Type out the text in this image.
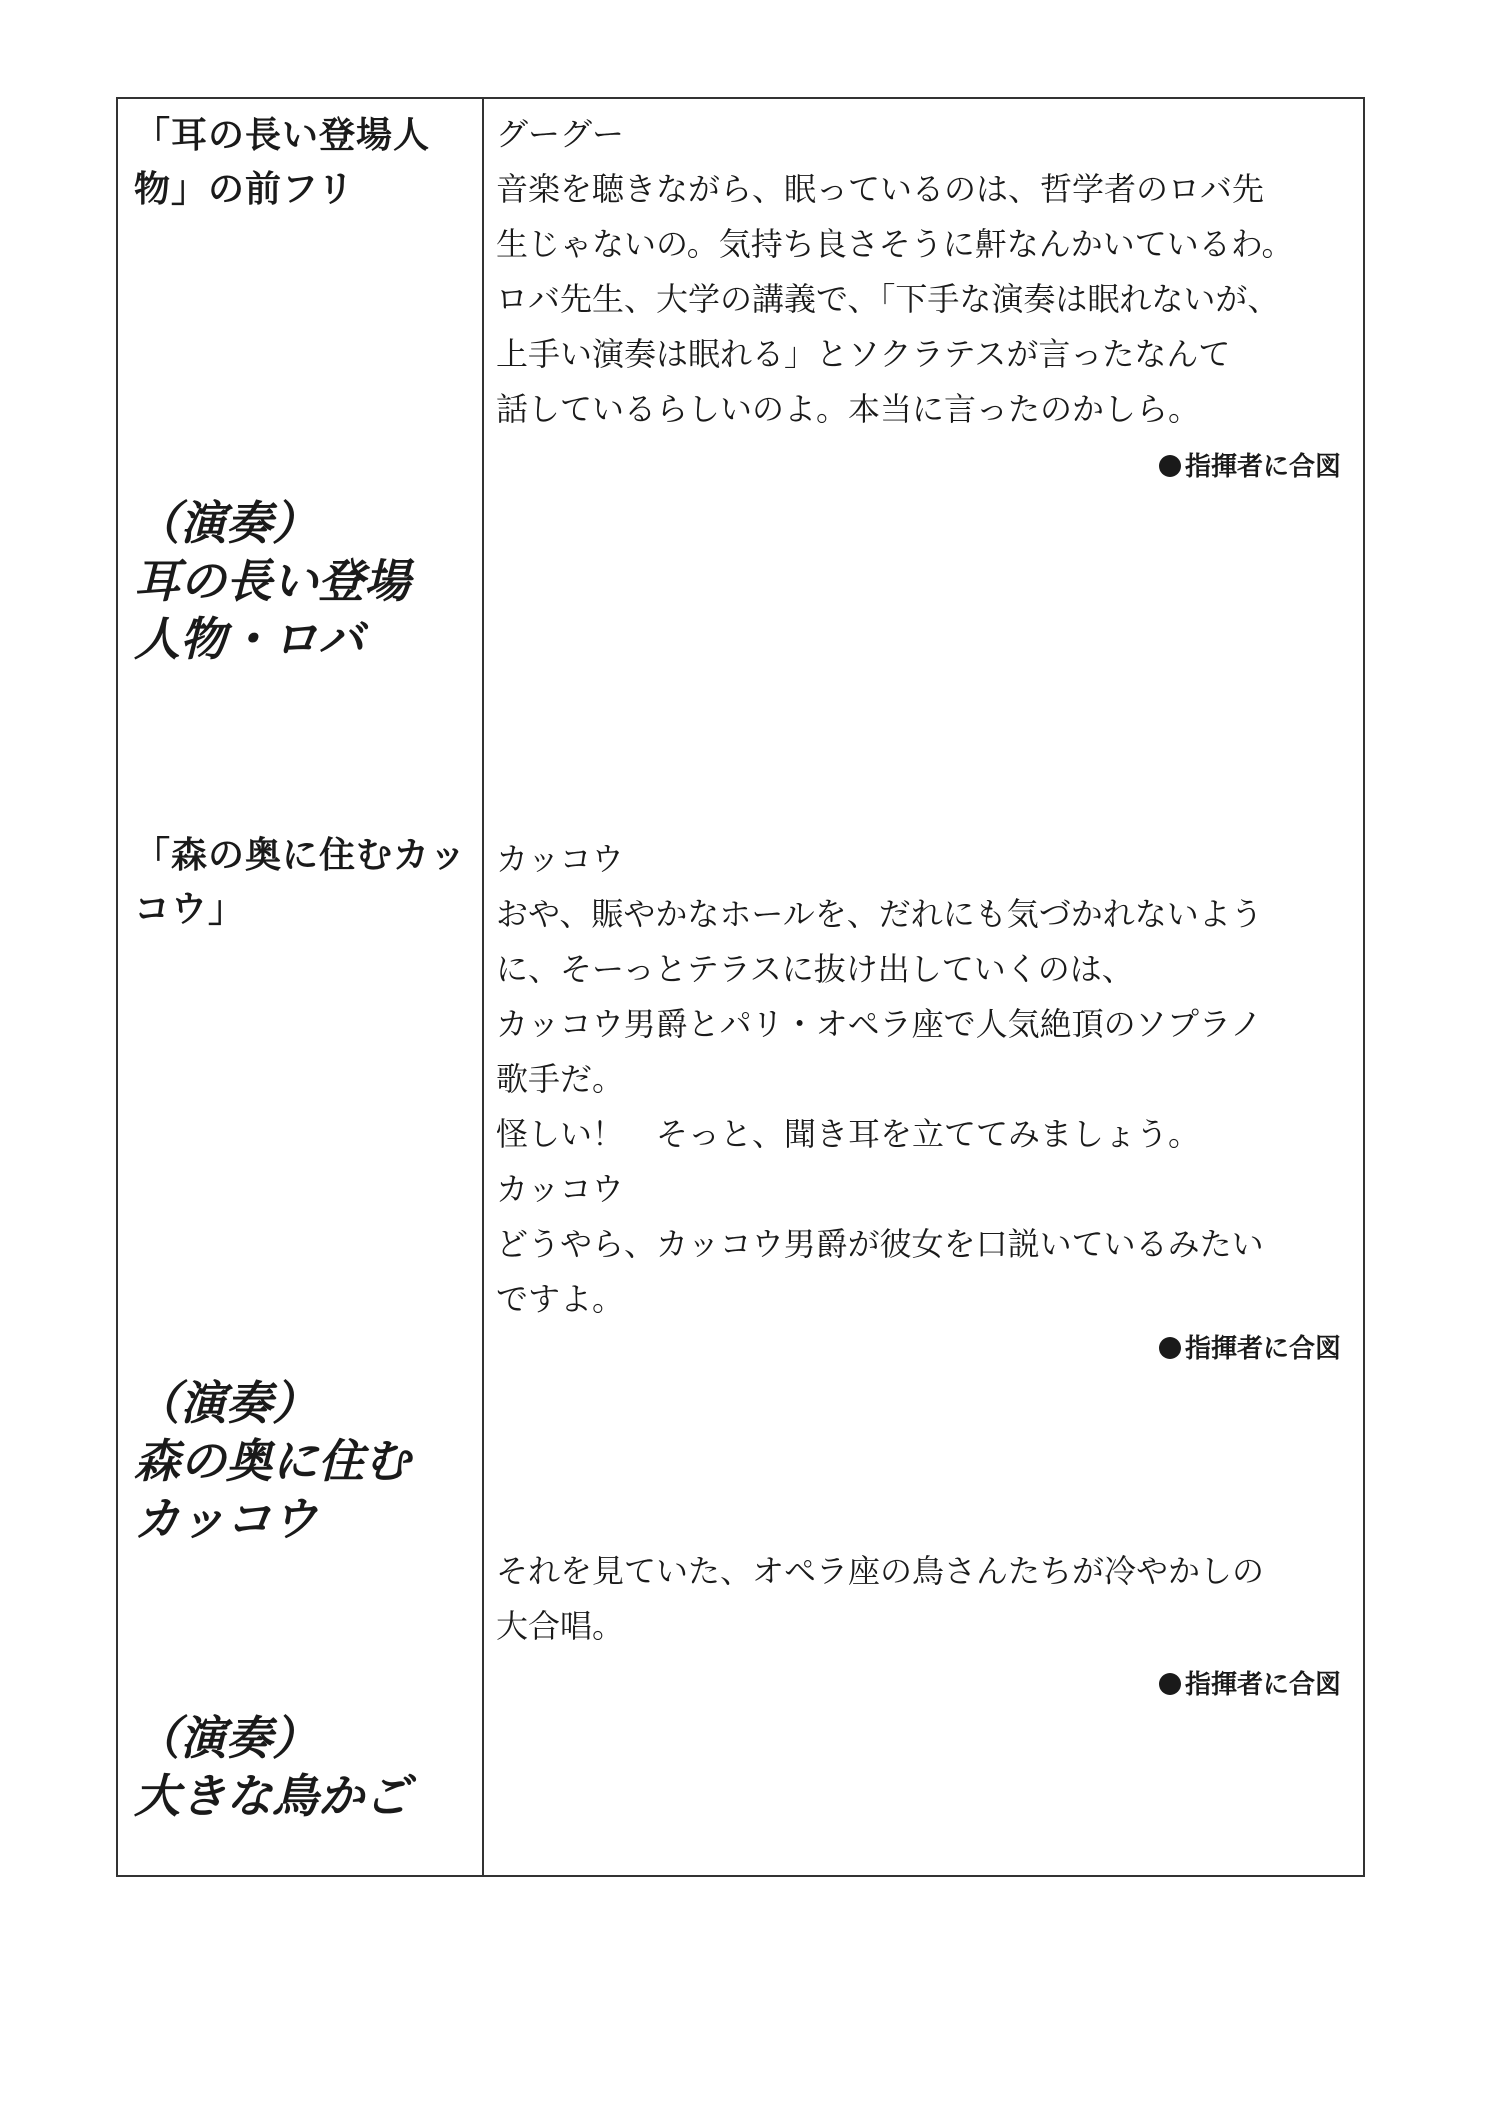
「耳の長い登場人
物」の前フリ
グーグー
音楽を聴きながら、眠っているのは、哲学者のロバ先
生じゃないの。気持ち良さそうに鼾なんかいているわ。
ロバ先生、大学の講義で、「下手な演奏は眠れないが、
上手い演奏は眠れる」とソクラテスが言ったなんて
話しているらしいのよ。本当に言ったのかしら。
指揮者に合図
（演奏）
耳の長い登場
人物・ロバ
「森の奥に住むカッ
コウ」
カッコウ
おや、賑やかなホールを、だれにも気づかれないよう
に、そーっとテラスに抜け出していくのは、
カッコウ男爵とパリ・オペラ座で人気絶頂のソプラノ
歌手だ。
怪しい！　そっと、聞き耳を立ててみましょう。
カッコウ
どうやら、カッコウ男爵が彼女を口説いているみたい
ですよ。
指揮者に合図
（演奏）
森の奥に住む
カッコウ
それを見ていた、オペラ座の鳥さんたちが冷やかしの
大合唱。
指揮者に合図
（演奏）
大きな鳥かご
